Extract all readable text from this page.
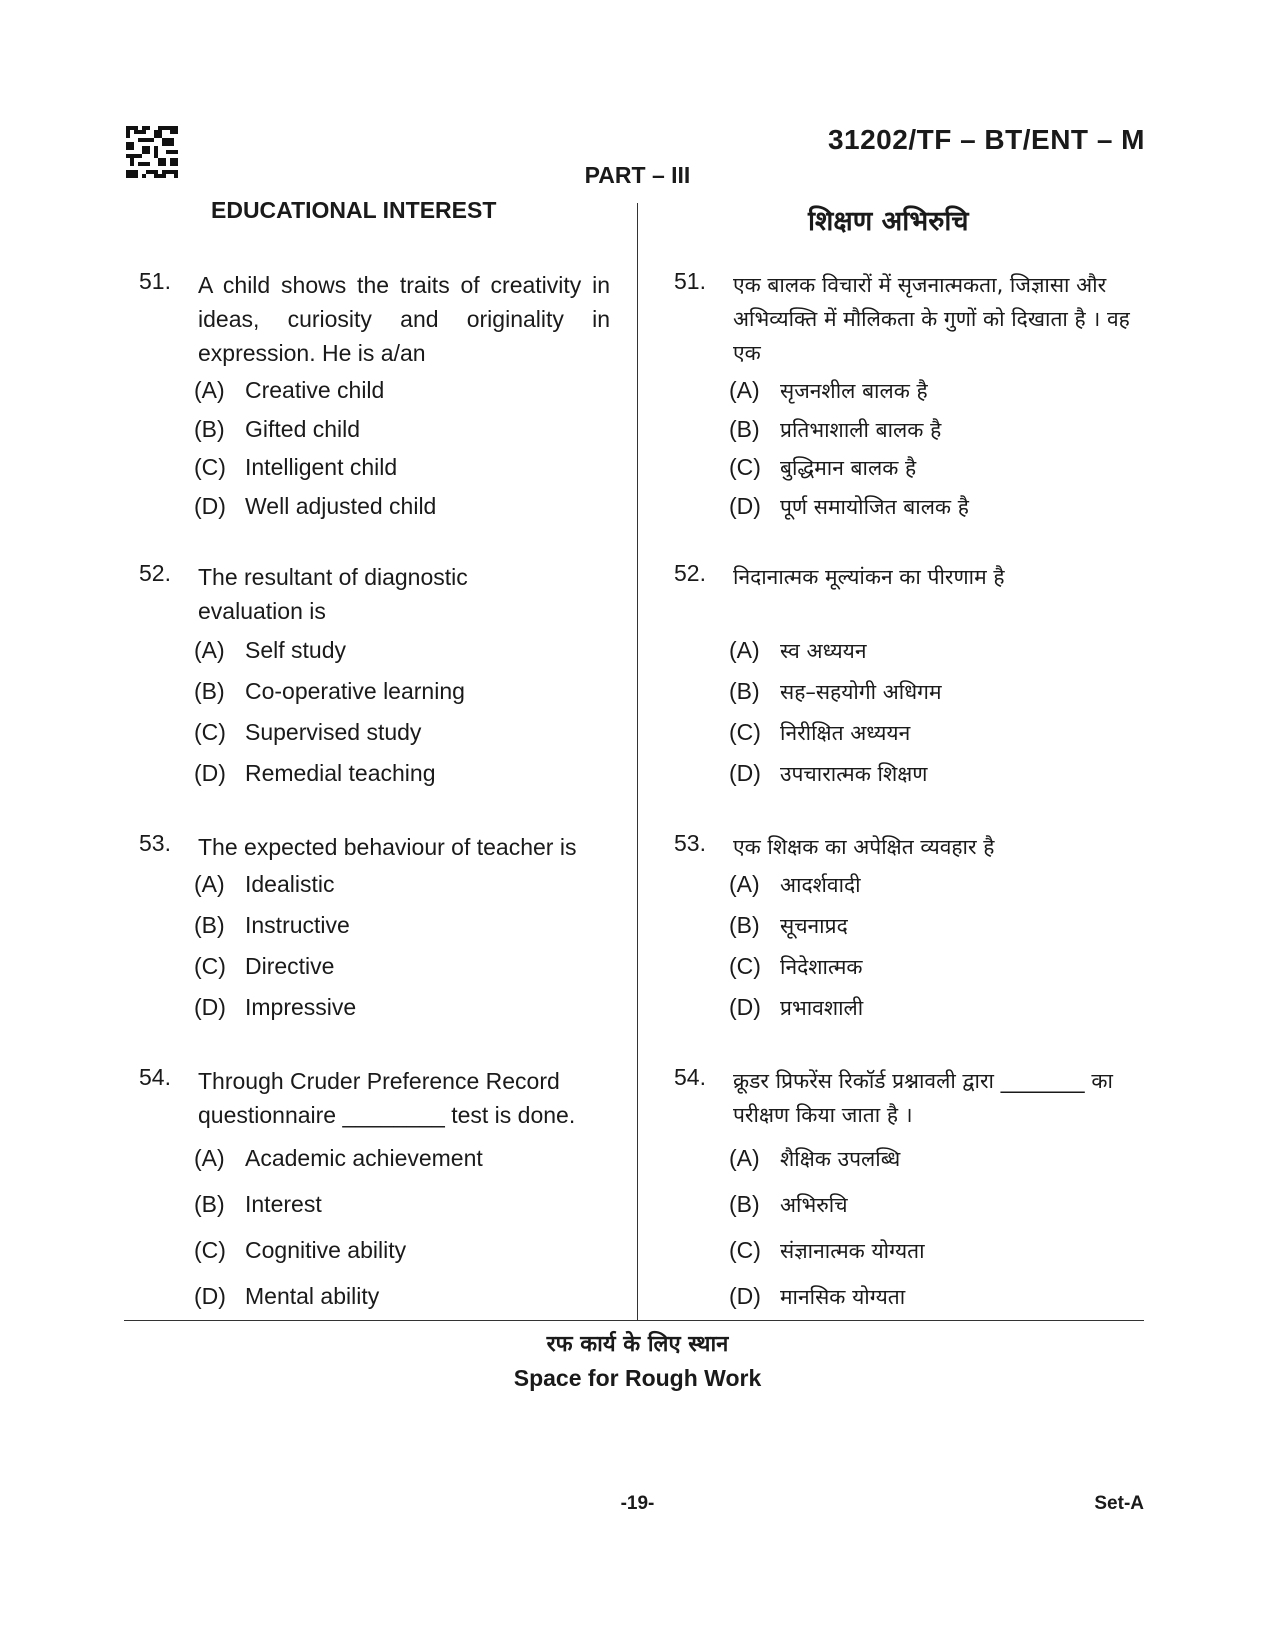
31202/TF – BT/ENT – M
PART – III
EDUCATIONAL INTEREST	शिक्षण अभिरुचि
51. A child shows the traits of creativity in ideas, curiosity and originality in expression. He is a/an
(A) Creative child
(B) Gifted child
(C) Intelligent child
(D) Well adjusted child
52. The resultant of diagnostic evaluation is
(A) Self study
(B) Co-operative learning
(C) Supervised study
(D) Remedial teaching
53. The expected behaviour of teacher is
(A) Idealistic
(B) Instructive
(C) Directive
(D) Impressive
54. Through Cruder Preference Record questionnaire ________ test is done.
(A) Academic achievement
(B) Interest
(C) Cognitive ability
(D) Mental ability
51. एक बालक विचारों में सृजनात्मकता, जिज्ञासा और अभिव्यक्ति में मौलिकता के गुणों को दिखाता है । वह एक
(A) सृजनशील बालक है
(B) प्रतिभाशाली बालक है
(C) बुद्धिमान बालक है
(D) पूर्ण समायोजित बालक है
52. निदानात्मक मूल्यांकन का पीरणाम है
(A) स्व अध्ययन
(B) सह–सहयोगी अधिगम
(C) निरीक्षित अध्ययन
(D) उपचारात्मक शिक्षण
53. एक शिक्षक का अपेक्षित व्यवहार है
(A) आदर्शवादी
(B) सूचनाप्रद
(C) निदेशात्मक
(D) प्रभावशाली
54. क्रूडर प्रिफरेंस रिकॉर्ड प्रश्नावली द्वारा ________ का परीक्षण किया जाता है ।
(A) शैक्षिक उपलब्धि
(B) अभिरुचि
(C) संज्ञानात्मक योग्यता
(D) मानसिक योग्यता
रफ कार्य के लिए स्थान
Space for Rough Work
-19-	Set-A
